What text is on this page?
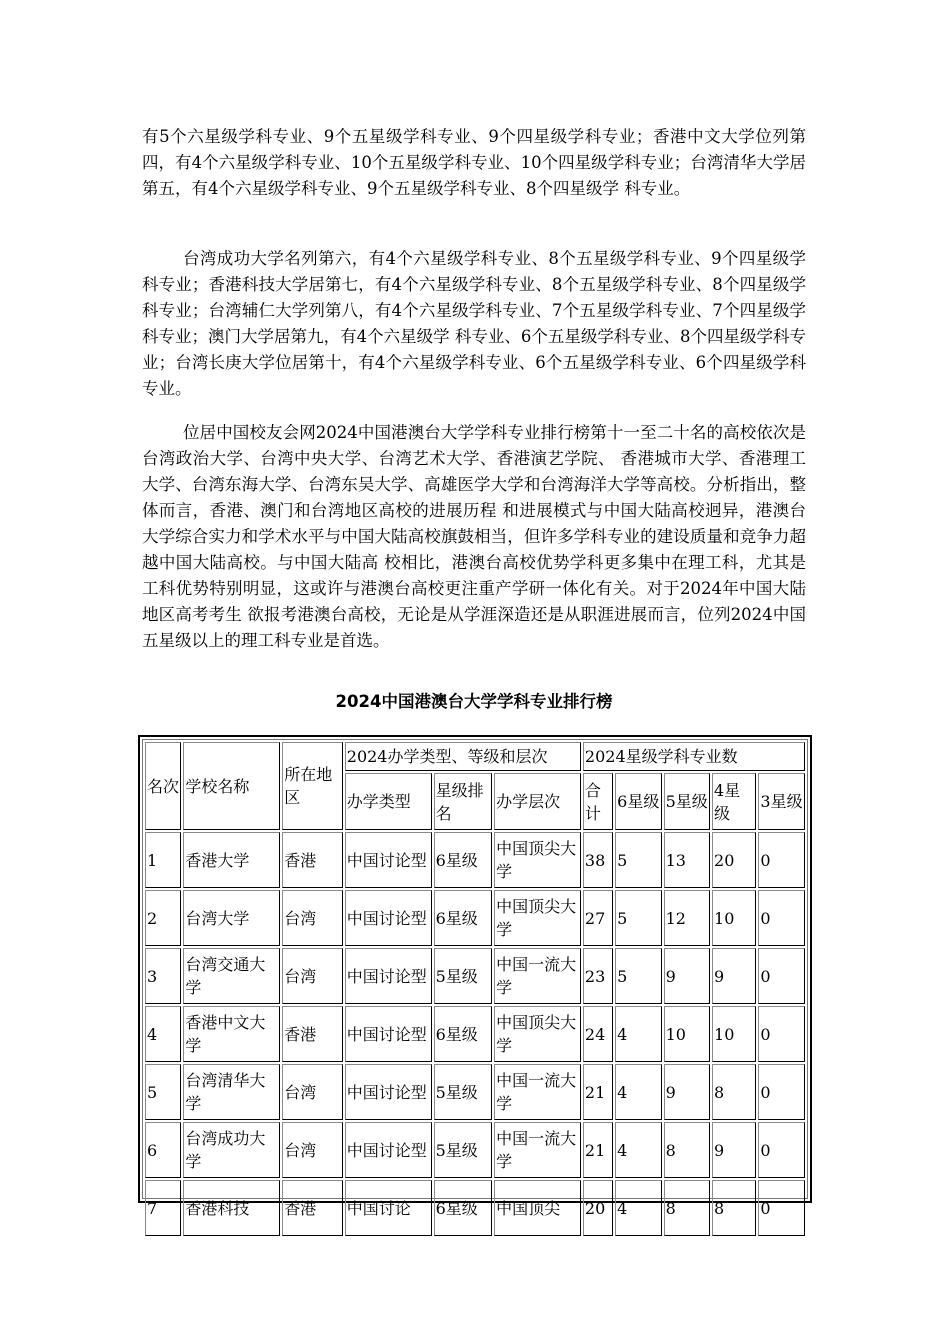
有5个六星级学科专业、9个五星级学科专业、9个四星级学科专业；香港中文大学位列第 四，有4个六星级学科专业、10个五星级学科专业、10个四星级学科专业；台湾清华大学居第五，有4个六星级学科专业、9个五星级学科专业、8个四星级学 科专业。

台湾成功大学名列第六，有4个六星级学科专业、8个五星级学科专业、9个四星级学科专业；香港科技大学居第七，有4个六星级学科专业、8个五星级学科专业、8个四星级学科专业；台湾辅仁大学列第八，有4个六星级学科专业、7个五星级学科专业、7个四星级学科专业；澳门大学居第九，有4个六星级学 科专业、6个五星级学科专业、8个四星级学科专业；台湾长庚大学位居第十，有4个六星级学科专业、6个五星级学科专业、6个四星级学科专业。

位居中国校友会网2024中国港澳台大学学科专业排行榜第十一至二十名的高校依次是台湾政治大学、台湾中央大学、台湾艺术大学、香港演艺学院、 香港城市大学、香港理工大学、台湾东海大学、台湾东吴大学、高雄医学大学和台湾海洋大学等高校。分析指出，整体而言，香港、澳门和台湾地区高校的进展历程 和进展模式与中国大陆高校迥异，港澳台大学综合实力和学术水平与中国大陆高校旗鼓相当，但许多学科专业的建设质量和竞争力超越中国大陆高校。与中国大陆高 校相比，港澳台高校优势学科更多集中在理工科，尤其是工科优势特别明显，这或许与港澳台高校更注重产学研一体化有关。对于2024年中国大陆地区高考考生 欲报考港澳台高校，无论是从学涯深造还是从职涯进展而言，位列2024中国五星级以上的理工科专业是首选。

2024中国港澳台大学学科专业排行榜
名次	学校名称	所在地区	2024办学类型、等级和层次			2024星级学科专业数				
			办学类型	星级排名	办学层次	合计	6星级	5星级	4星级	3星级
1	香港大学	香港	中国讨论型	6星级	中国顶尖大学	38	5	13	20	0
2	台湾大学	台湾	中国讨论型	6星级	中国顶尖大学	27	5	12	10	0
3	台湾交通大学	台湾	中国讨论型	5星级	中国一流大学	23	5	9	9	0
4	香港中文大学	香港	中国讨论型	6星级	中国顶尖大学	24	4	10	10	0
5	台湾清华大学	台湾	中国讨论型	5星级	中国一流大学	21	4	9	8	0
6	台湾成功大学	台湾	中国讨论型	5星级	中国一流大学	21	4	8	9	0
7	香港科技	香港	中国讨论	6星级	中国顶尖	20	4	8	8	0
